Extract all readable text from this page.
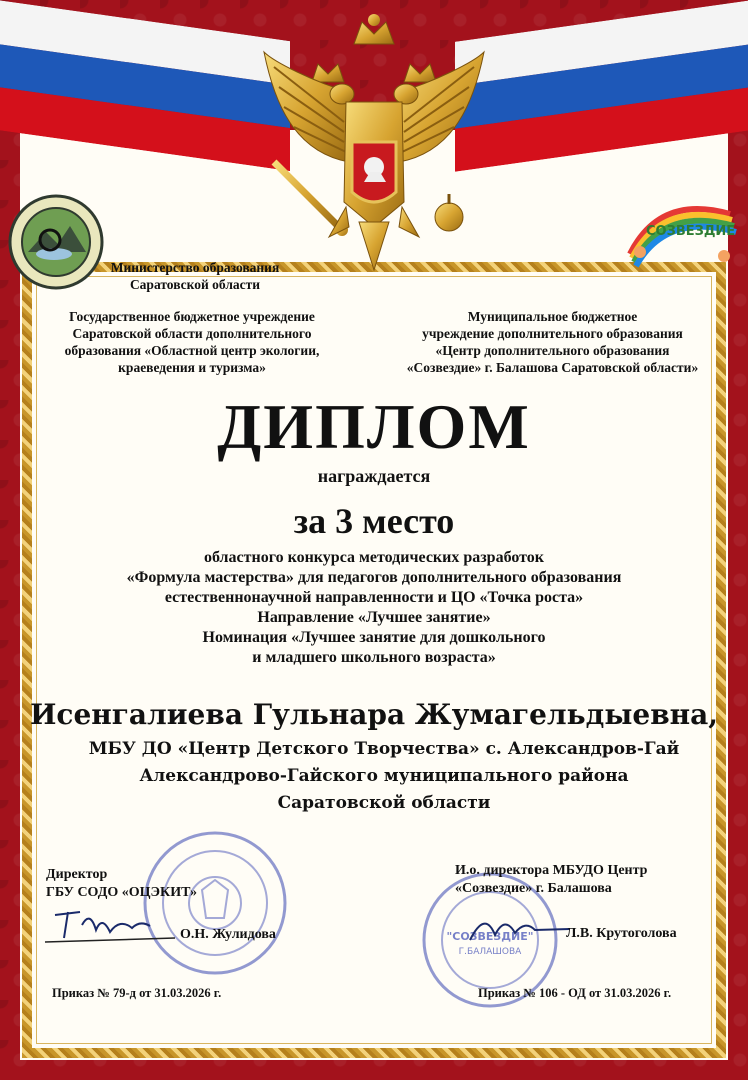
СОЗВЕЗДИЕ
Министерство образования
Саратовской области
Государственное бюджетное учреждение
Саратовской области дополнительного
образования «Областной центр экологии,
краеведения и туризма»
Муниципальное бюджетное
учреждение дополнительного образования
«Центр дополнительного образования
«Созвездие» г. Балашова Саратовской области»
ДИПЛОМ
награждается
за 3 место
областного конкурса методических разработок
«Формула мастерства» для педагогов дополнительного образования
естественнонаучной направленности и ЦО «Точка роста»
Направление «Лучшее занятие»
Номинация «Лучшее занятие для дошкольного
и младшего школьного возраста»
Исенгалиева Гульнара Жумагельдыевна,
МБУ ДО «Центр Детского Творчества» с. Александров-Гай
Александрово-Гайского муниципального района
Саратовской области
"СОЗВЕЗДИЕ"
Г.БАЛАШОВА
Директор
ГБУ СОДО «ОЦЭКИТ»
О.Н. Жулидова
И.о. директора МБУДО Центр
«Созвездие» г. Балашова
Л.В. Крутоголова
Приказ № 79-д от 31.03.2026 г.	Приказ № 106 - ОД от 31.03.2026 г.
